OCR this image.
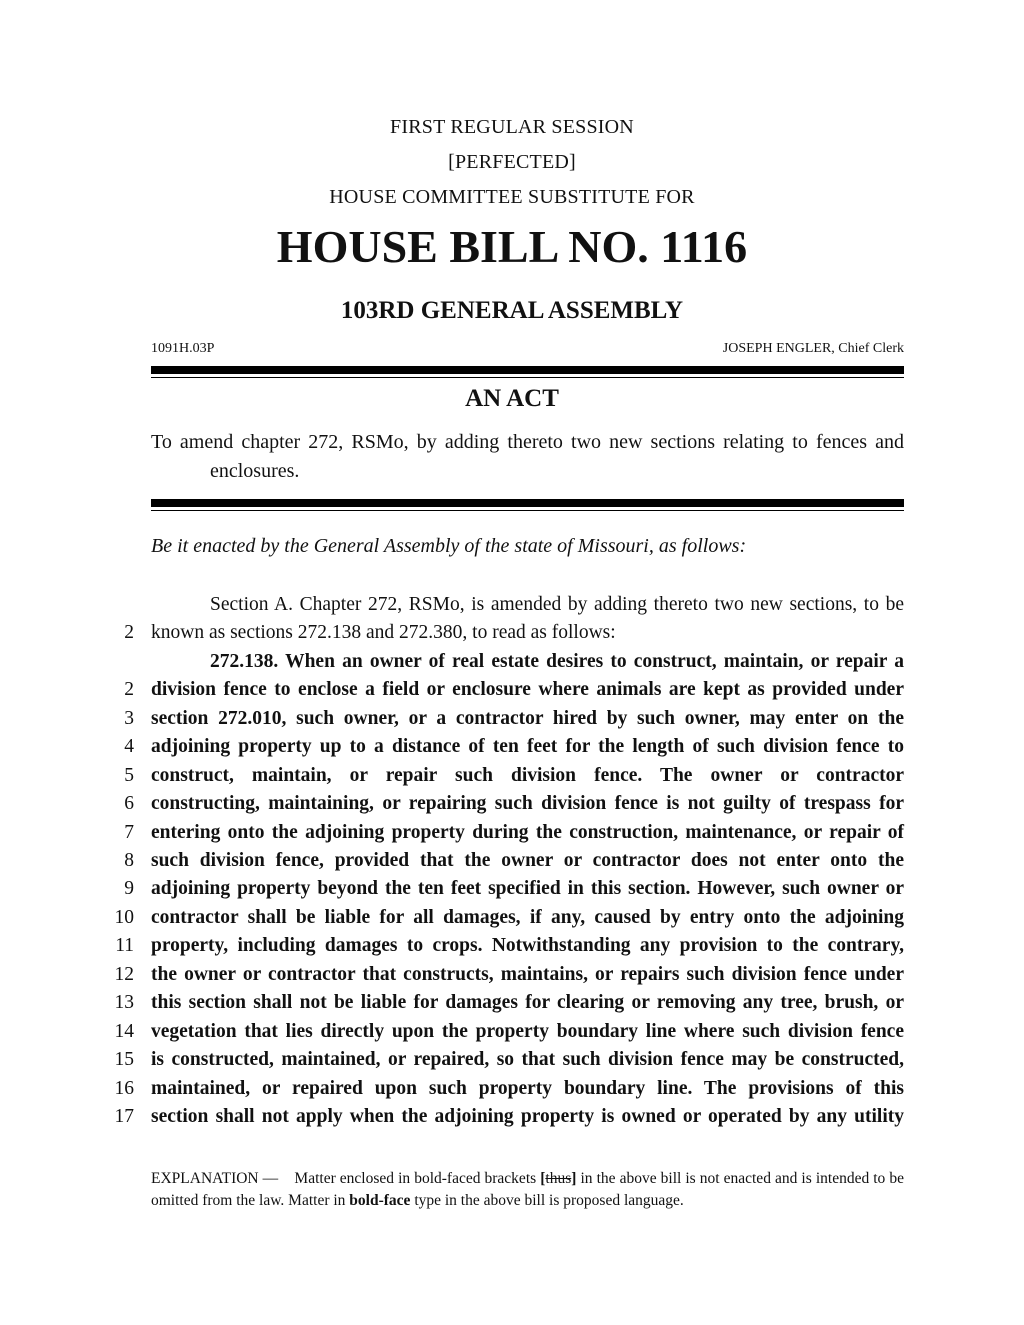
FIRST REGULAR SESSION
[PERFECTED]
HOUSE COMMITTEE SUBSTITUTE FOR
HOUSE BILL NO. 1116
103RD GENERAL ASSEMBLY
1091H.03P	JOSEPH ENGLER, Chief Clerk
AN ACT
To amend chapter 272, RSMo, by adding thereto two new sections relating to fences and
enclosures.
Be it enacted by the General Assembly of the state of Missouri, as follows:
Section A. Chapter 272, RSMo, is amended by adding thereto two new sections, to be
2 known as sections 272.138 and 272.380, to read as follows:
272.138. When an owner of real estate desires to construct, maintain, or repair a
2 division fence to enclose a field or enclosure where animals are kept as provided under
3 section 272.010, such owner, or a contractor hired by such owner, may enter on the
4 adjoining property up to a distance of ten feet for the length of such division fence to
5 construct, maintain, or repair such division fence. The owner or contractor
6 constructing, maintaining, or repairing such division fence is not guilty of trespass for
7 entering onto the adjoining property during the construction, maintenance, or repair of
8 such division fence, provided that the owner or contractor does not enter onto the
9 adjoining property beyond the ten feet specified in this section. However, such owner or
10 contractor shall be liable for all damages, if any, caused by entry onto the adjoining
11 property, including damages to crops. Notwithstanding any provision to the contrary,
12 the owner or contractor that constructs, maintains, or repairs such division fence under
13 this section shall not be liable for damages for clearing or removing any tree, brush, or
14 vegetation that lies directly upon the property boundary line where such division fence
15 is constructed, maintained, or repaired, so that such division fence may be constructed,
16 maintained, or repaired upon such property boundary line. The provisions of this
17 section shall not apply when the adjoining property is owned or operated by any utility
EXPLANATION — Matter enclosed in bold-faced brackets [thus] in the above bill is not enacted and is intended to be omitted from the law. Matter in bold-face type in the above bill is proposed language.
